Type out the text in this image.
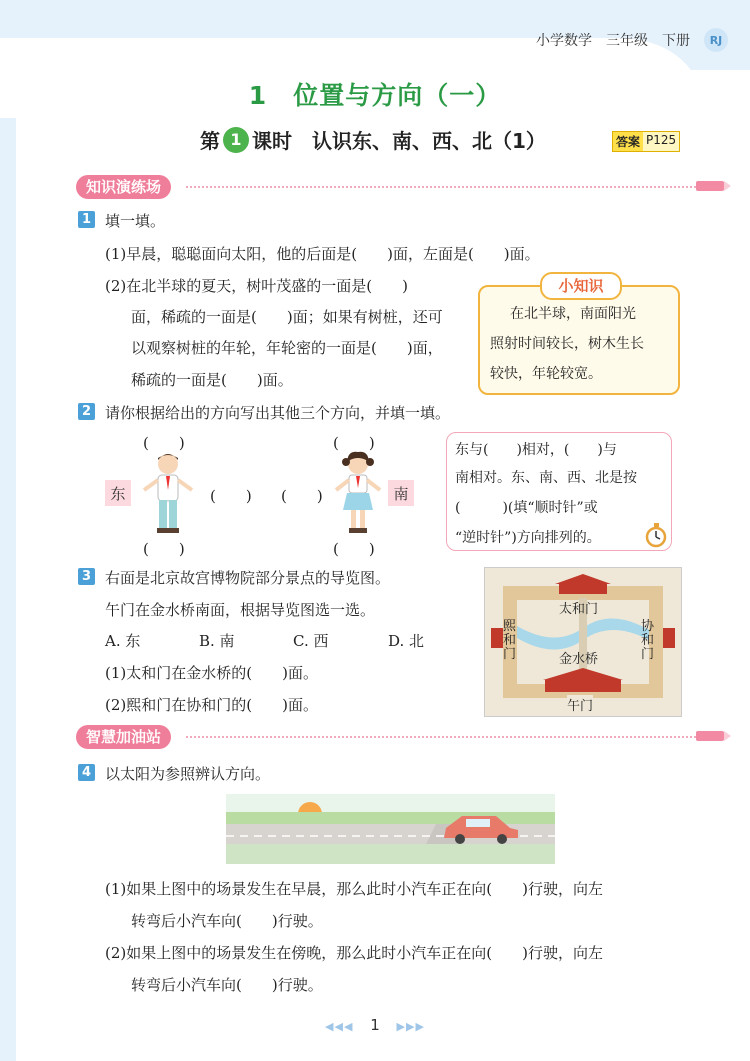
小学数学 三年级 下册	RJ
1　位置与方向（一）
第 1 课时　认识东、南、西、北（1）	答案 P125
知识演练场
1 填一填。
(1)早晨，聪聪面向太阳，他的后面是(　　)面，左面是(　　)面。
(2)在北半球的夏天，树叶茂盛的一面是(　　)
面，稀疏的一面是(　　)面；如果有树桩，还可
以观察树桩的年轮，年轮密的一面是(　　)面，
稀疏的一面是(　　)面。
小知识
在北半球，南面阳光
照射时间较长，树木生长
较快，年轮较宽。
2 请你根据给出的方向写出其他三个方向，并填一填。
(　　)
(　　)
(　　)
东	(　　)
(　　)
(　　)
南
东与(　　)相对，(　　)与
南相对。东、南、西、北是按
(　　　)(填“顺时针”或
“逆时针”)方向排列的。
3 右面是北京故宫博物院部分景点的导览图。
午门在金水桥南面，根据导览图选一选。
A. 东	B. 南	C. 西	D. 北
(1)太和门在金水桥的(　　)面。
(2)熙和门在协和门的(　　)面。
太和门
熙和门
协和门
金水桥
午门
智慧加油站
4 以太阳为参照辨认方向。
(1)如果上图中的场景发生在早晨，那么此时小汽车正在向(　　)行驶，向左
转弯后小汽车向(　　)行驶。
(2)如果上图中的场景发生在傍晚，那么此时小汽车正在向(　　)行驶，向左
转弯后小汽车向(　　)行驶。
◀◀◀ 1 ▶▶▶
